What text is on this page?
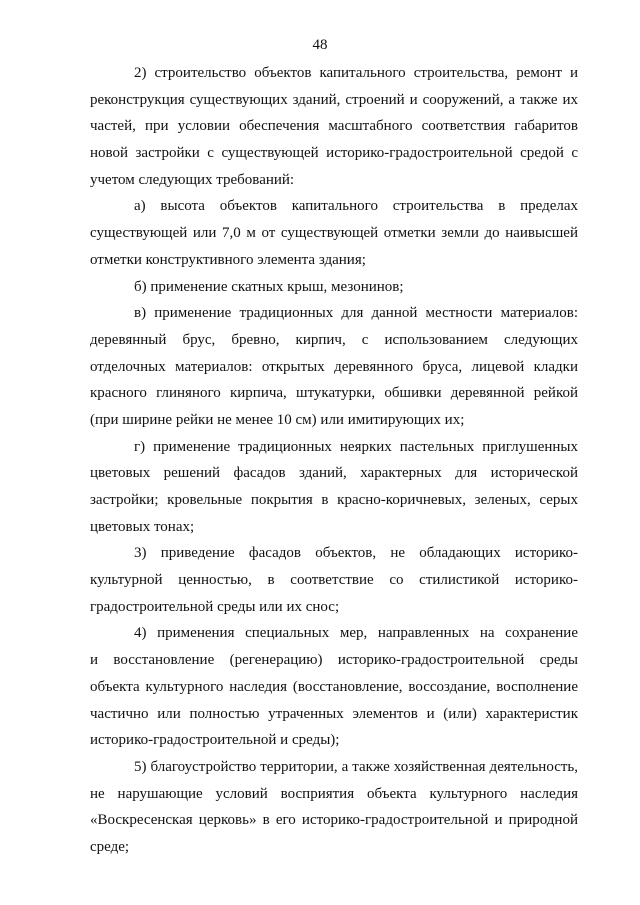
48
2) строительство объектов капитального строительства, ремонт и
реконструкция существующих зданий, строений и сооружений, а также их
частей, при условии обеспечения масштабного соответствия габаритов
новой застройки с существующей историко-градостроительной средой с
учетом следующих требований:
а) высота объектов капитального строительства в пределах
существующей или 7,0 м от существующей отметки земли до наивысшей
отметки конструктивного элемента здания;
б) применение скатных крыш, мезонинов;
в) применение традиционных для данной местности материалов:
деревянный брус, бревно, кирпич, с использованием следующих
отделочных материалов: открытых деревянного бруса, лицевой кладки
красного глиняного кирпича, штукатурки, обшивки деревянной рейкой
(при ширине рейки не менее 10 см) или имитирующих их;
г) применение традиционных неярких пастельных приглушенных
цветовых решений фасадов зданий, характерных для исторической
застройки; кровельные покрытия в красно-коричневых, зеленых, серых
цветовых тонах;
3) приведение фасадов объектов, не обладающих историко-
культурной ценностью, в соответствие со стилистикой историко-
градостроительной среды или их снос;
4) применения специальных мер, направленных на сохранение
и восстановление (регенерацию) историко-градостроительной среды
объекта культурного наследия (восстановление, воссоздание, восполнение
частично или полностью утраченных элементов и (или) характеристик
историко-градостроительной и среды);
5) благоустройство территории, а также хозяйственная деятельность,
не нарушающие условий восприятия объекта культурного наследия
«Воскресенская церковь» в его историко-градостроительной и природной
среде;
